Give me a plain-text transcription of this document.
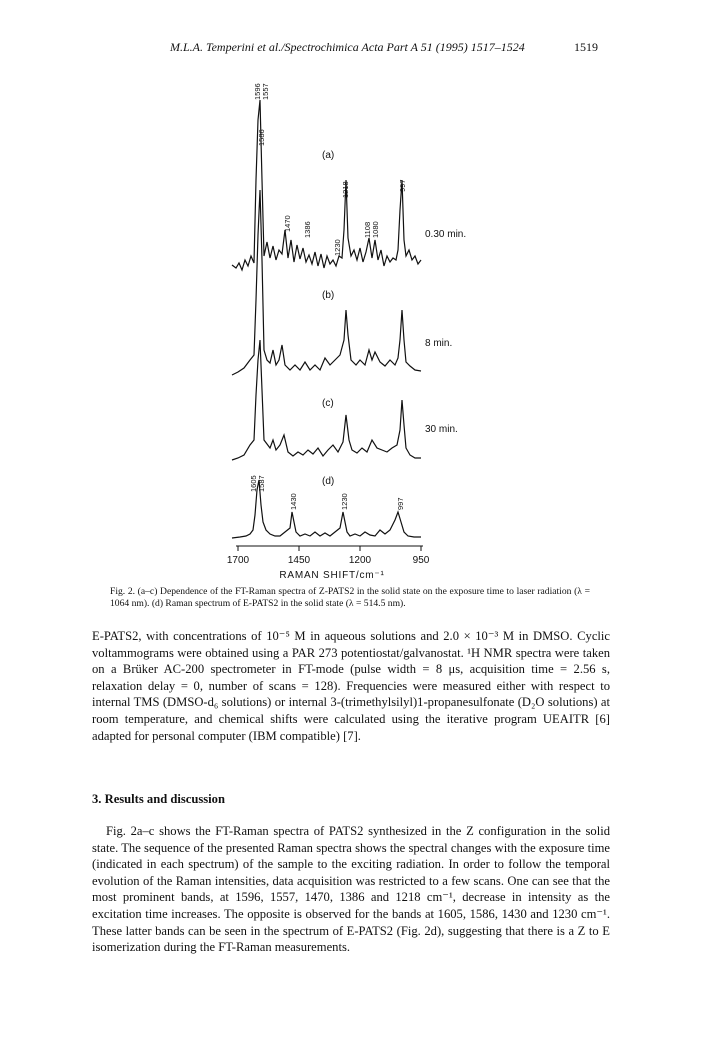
M.L.A. Temperini et al./Spectrochimica Acta Part A 51 (1995) 1517–1524	1519
(a)
(b)
(c)
(d)
0.30 min.
8 min.
30 min.
1596 1557
1586
1470 1386
1230
1218
1108 1080
997
1605 1587
1430	1230	997
1700	1450	1200	950
RAMAN SHIFT/cm⁻¹
Fig. 2. (a–c) Dependence of the FT-Raman spectra of Z-PATS2 in the solid state on the exposure time to laser radiation (λ = 1064 nm). (d) Raman spectrum of E-PATS2 in the solid state (λ = 514.5 nm).
E-PATS2, with concentrations of 10⁻⁵ M in aqueous solutions and 2.0 × 10⁻³ M in DMSO. Cyclic voltammograms were obtained using a PAR 273 potentiostat/galvanostat. ¹H NMR spectra were taken on a Brüker AC-200 spectrometer in FT-mode (pulse width = 8 μs, acquisition time = 2.56 s, relaxation delay = 0, number of scans = 128). Frequencies were measured either with respect to internal TMS (DMSO-d₆ solutions) or internal 3-(trimethylsilyl)1-propanesulfonate (D₂O solutions) at room temperature, and chemical shifts were calculated using the iterative program UEAITR [6] adapted for personal computer (IBM compatible) [7].
3. Results and discussion

Fig. 2a–c shows the FT-Raman spectra of PATS2 synthesized in the Z configuration in the solid state. The sequence of the presented Raman spectra shows the spectral changes with the exposure time (indicated in each spectrum) of the sample to the exciting radiation. In order to follow the temporal evolution of the Raman intensities, data acquisition was restricted to a few scans. One can see that the most prominent bands, at 1596, 1557, 1470, 1386 and 1218 cm⁻¹, decrease in intensity as the excitation time increases. The opposite is observed for the bands at 1605, 1586, 1430 and 1230 cm⁻¹. These latter bands can be seen in the spectrum of E-PATS2 (Fig. 2d), suggesting that there is a Z to E isomerization during the FT-Raman measurements.
